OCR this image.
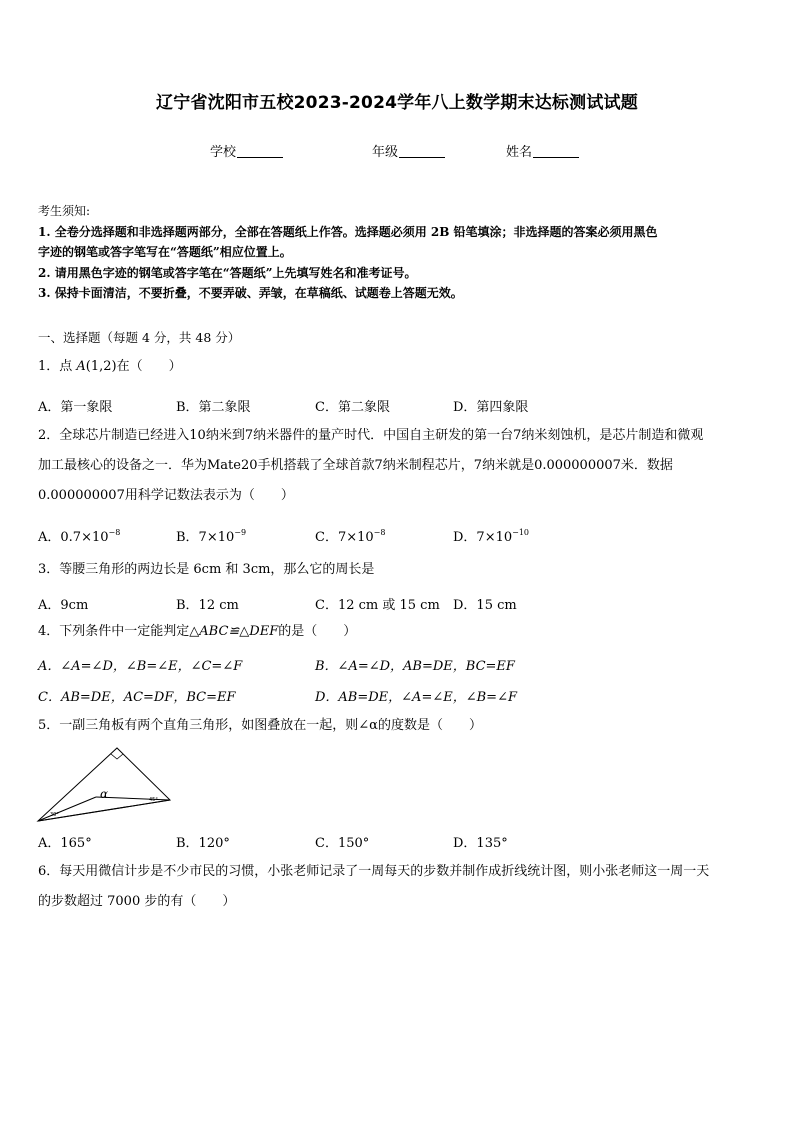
辽宁省沈阳市五校2023-2024学年八上数学期末达标测试试题
学校	年级	姓名
考生须知:
1. 全卷分选择题和非选择题两部分，全部在答题纸上作答。选择题必须用 2B 铅笔填涂；非选择题的答案必须用黑色
字迹的钢笔或答字笔写在“答题纸”相应位置上。
2. 请用黑色字迹的钢笔或答字笔在“答题纸”上先填写姓名和准考证号。
3. 保持卡面清洁，不要折叠，不要弄破、弄皱，在草稿纸、试题卷上答题无效。
一、选择题（每题 4 分，共 48 分）
1．点 A(1,2)在（　　）
A．第一象限	B．第二象限	C．第二象限	D．第四象限
2．全球芯片制造已经进入10纳米到7纳米器件的量产时代．中国自主研发的第一台7纳米刻蚀机，是芯片制造和微观
加工最核心的设备之一．华为Mate20手机搭载了全球首款7纳米制程芯片，7纳米就是0.000000007米．数据
0.000000007用科学记数法表示为（　　）
A．$0.7\times 10^{-8}$	B．$7\times 10^{-9}$	C．$7\times 10^{-8}$	D．$7\times 10^{-10}$
3．等腰三角形的两边长是 6cm 和 3cm，那么它的周长是
A．9cm	B．12 cm	C．12 cm 或 15 cm D．15 cm
4．下列条件中一定能判定△ABC≌△DEF的是（　　）
A．∠A=∠D，∠B=∠E，∠C=∠F	B．∠A=∠D，AB=DE，BC=EF
C．AB=DE，AC=DF，BC=EF	D．AB=DE，∠A=∠E，∠B=∠F
5．一副三角板有两个直角三角形，如图叠放在一起，则∠α的度数是（　　）
α
30°
45°
A．165°	B．120°	C．150°	D．135°
6．每天用微信计步是不少市民的习惯，小张老师记录了一周每天的步数并制作成折线统计图，则小张老师这一周一天
的步数超过 7000 步的有（　　）
